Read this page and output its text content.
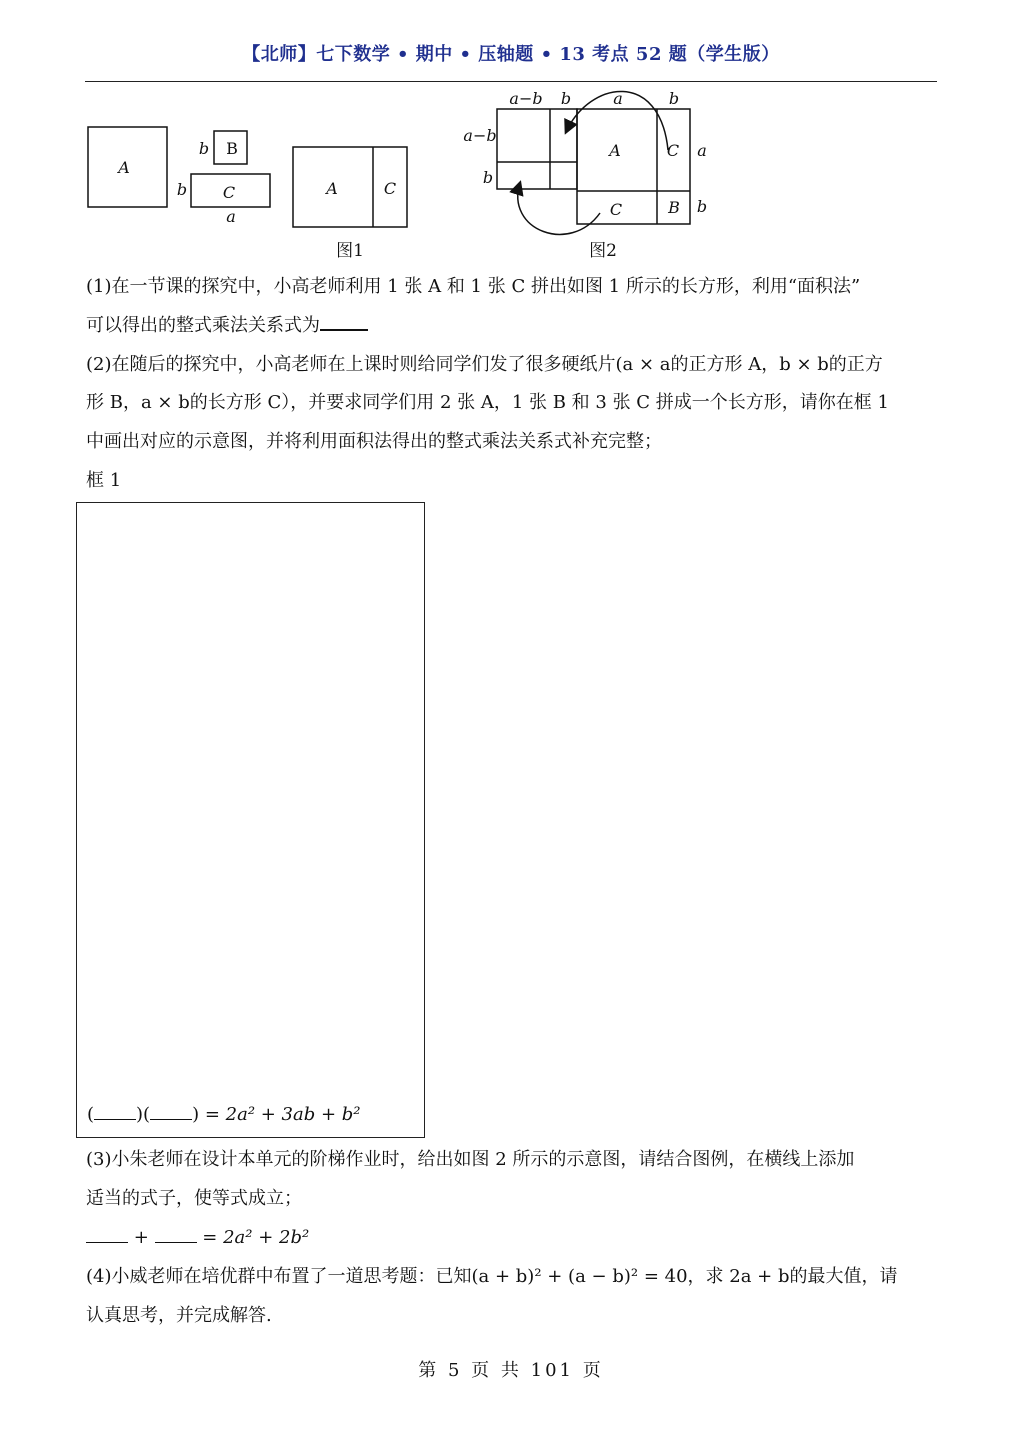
【北师】七下数学 • 期中 • 压轴题 • 13 考点 52 题（学生版）
A
B
C
b
b
a
A	C
a−b b	a	b
a−b
b
a
b
A	C
C	B
图1	图2

(1)在一节课的探究中，小高老师利用 1 张 A 和 1 张 C 拼出如图 1 所示的长方形，利用“面积法”

可以得出的整式乘法关系式为

(2)在随后的探究中，小高老师在上课时则给同学们发了很多硬纸片(a × a的正方形 A，b × b的正方

形 B，a × b的长方形 C），并要求同学们用 2 张 A，1 张 B 和 3 张 C 拼成一个长方形，请你在框 1

中画出对应的示意图，并将利用面积法得出的整式乘法关系式补充完整；

框 1

( )( ) = 2a² + 3ab + b²

(3)小朱老师在设计本单元的阶梯作业时，给出如图 2 所示的示意图，请结合图例，在横线上添加

适当的式子，使等式成立；

+	= 2a² + 2b²

(4)小威老师在培优群中布置了一道思考题：已知(a + b)² + (a − b)² = 40，求 2a + b的最大值，请

认真思考，并完成解答.

第 5 页 共 101 页
